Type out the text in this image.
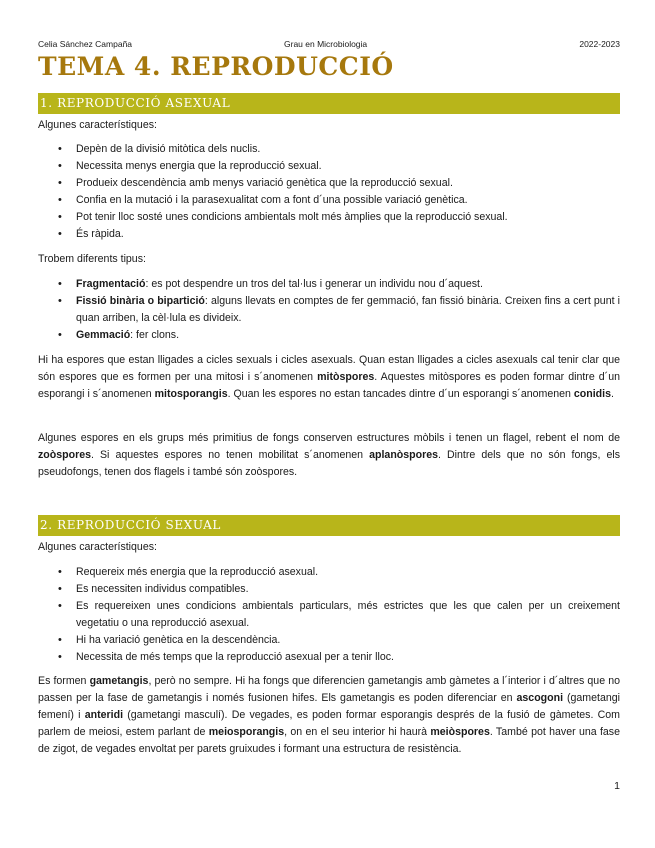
Celia Sánchez Campaña	Grau en Microbiologia	2022-2023
TEMA 4. REPRODUCCIÓ
1. REPRODUCCIÓ ASEXUAL

Algunes característiques:

• Depèn de la divisió mitòtica dels nuclis.
• Necessita menys energia que la reproducció sexual.
• Produeix descendència amb menys variació genètica que la reproducció sexual.
• Confia en la mutació i la parasexualitat com a font d´una possible variació genètica.
• Pot tenir lloc sosté unes condicions ambientals molt més àmplies que la reproducció sexual.
• És ràpida.

Trobem diferents tipus:

• Fragmentació: es pot despendre un tros del tal·lus i generar un individu nou d´aquest.
• Fissió binària o bipartició: alguns llevats en comptes de fer gemmació, fan fissió binària. Creixen fins a cert punt i quan arriben, la cèl·lula es divideix.
• Gemmació: fer clons.

Hi ha espores que estan lligades a cicles sexuals i cicles asexuals. Quan estan lligades a cicles asexuals cal tenir clar que són espores que es formen per una mitosi i s´anomenen mitòspores. Aquestes mitòspores es poden formar dintre d´un esporangi i s´anomenen mitosporangis. Quan les espores no estan tancades dintre d´un esporangi s´anomenen conidis.

Algunes espores en els grups més primitius de fongs conserven estructures mòbils i tenen un flagel, rebent el nom de zoòspores. Si aquestes espores no tenen mobilitat s´anomenen aplanòspores. Dintre dels que no són fongs, els pseudofongs, tenen dos flagels i també són zoòspores.

2. REPRODUCCIÓ SEXUAL

Algunes característiques:

• Requereix més energia que la reproducció asexual.
• Es necessiten individus compatibles.
• Es requereixen unes condicions ambientals particulars, més estrictes que les que calen per un creixement vegetatiu o una reproducció asexual.
• Hi ha variació genètica en la descendència.
• Necessita de més temps que la reproducció asexual per a tenir lloc.

Es formen gametangis, però no sempre. Hi ha fongs que diferencien gametangis amb gàmetes a l´interior i d´altres que no passen per la fase de gametangis i només fusionen hifes. Els gametangis es poden diferenciar en ascogoni (gametangi femení) i anteridi (gametangi masculí). De vegades, es poden formar esporangis després de la fusió de gàmetes. Com parlem de meiosi, estem parlant de meiosporangis, on en el seu interior hi haurà meiòspores. També pot haver una fase de zigot, de vegades envoltat per parets gruixudes i formant una estructura de resistència.

1
